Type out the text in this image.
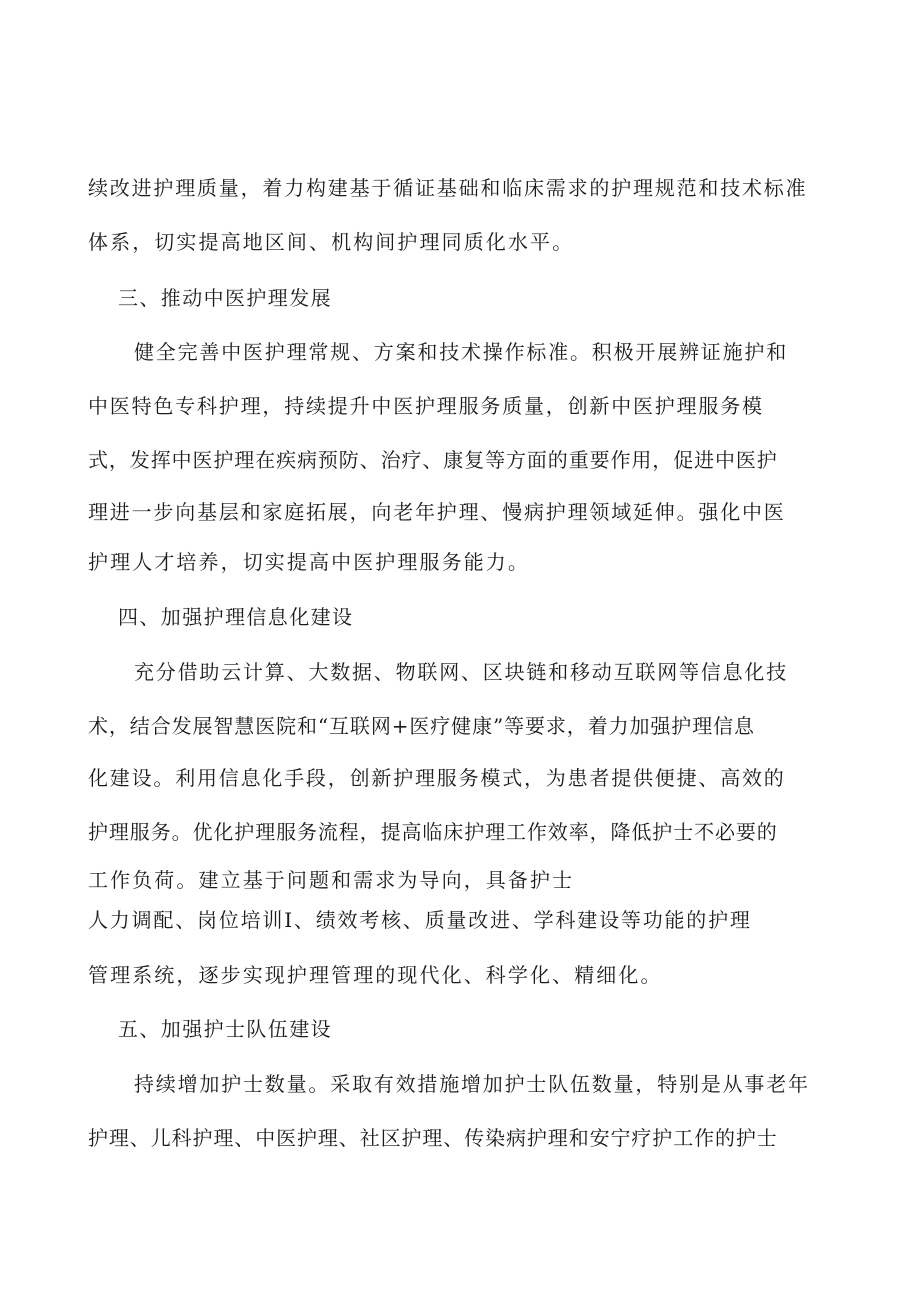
续改进护理质量，着力构建基于循证基础和临床需求的护理规范和技术标准
体系，切实提高地区间、机构间护理同质化水平。
三、推动中医护理发展
健全完善中医护理常规、方案和技术操作标准。积极开展辨证施护和
中医特色专科护理，持续提升中医护理服务质量，创新中医护理服务模
式，发挥中医护理在疾病预防、治疗、康复等方面的重要作用，促进中医护
理进一步向基层和家庭拓展，向老年护理、慢病护理领域延伸。强化中医
护理人才培养，切实提高中医护理服务能力。
四、加强护理信息化建设
充分借助云计算、大数据、物联网、区块链和移动互联网等信息化技
术，结合发展智慧医院和“互联网+医疗健康”等要求，着力加强护理信息
化建设。利用信息化手段，创新护理服务模式，为患者提供便捷、高效的
护理服务。优化护理服务流程，提高临床护理工作效率，降低护士不必要的
工作负荷。建立基于问题和需求为导向，具备护士
人力调配、岗位培训Ⅰ、绩效考核、质量改进、学科建设等功能的护理
管理系统，逐步实现护理管理的现代化、科学化、精细化。
五、加强护士队伍建设
持续增加护士数量。采取有效措施增加护士队伍数量，特别是从事老年
护理、儿科护理、中医护理、社区护理、传染病护理和安宁疗护工作的护士
